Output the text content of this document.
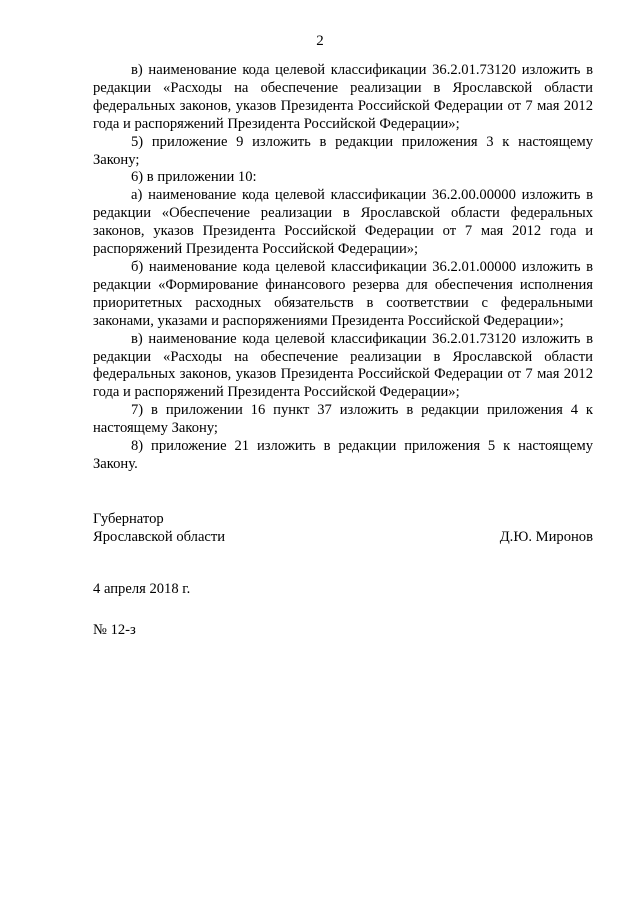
2

в) наименование кода целевой классификации 36.2.01.73120 изложить в редакции «Расходы на обеспечение реализации в Ярославской области федеральных законов, указов Президента Российской Федерации от 7 мая 2012 года и распоряжений Президента Российской Федерации»;

5) приложение 9 изложить в редакции приложения 3 к настоящему Закону;

6) в приложении 10:

а) наименование кода целевой классификации 36.2.00.00000 изложить в редакции «Обеспечение реализации в Ярославской области федеральных законов, указов Президента Российской Федерации от 7 мая 2012 года и распоряжений Президента Российской Федерации»;

б) наименование кода целевой классификации 36.2.01.00000 изложить в редакции «Формирование финансового резерва для обеспечения исполнения приоритетных расходных обязательств в соответствии с федеральными законами, указами и распоряжениями Президента Российской Федерации»;

в) наименование кода целевой классификации 36.2.01.73120 изложить в редакции «Расходы на обеспечение реализации в Ярославской области федеральных законов, указов Президента Российской Федерации от 7 мая 2012 года и распоряжений Президента Российской Федерации»;

7) в приложении 16 пункт 37 изложить в редакции приложения 4 к настоящему Закону;

8) приложение 21 изложить в редакции приложения 5 к настоящему Закону.

Губернатор
Ярославской области	Д.Ю. Миронов
4 апреля 2018 г.
№ 12-з
